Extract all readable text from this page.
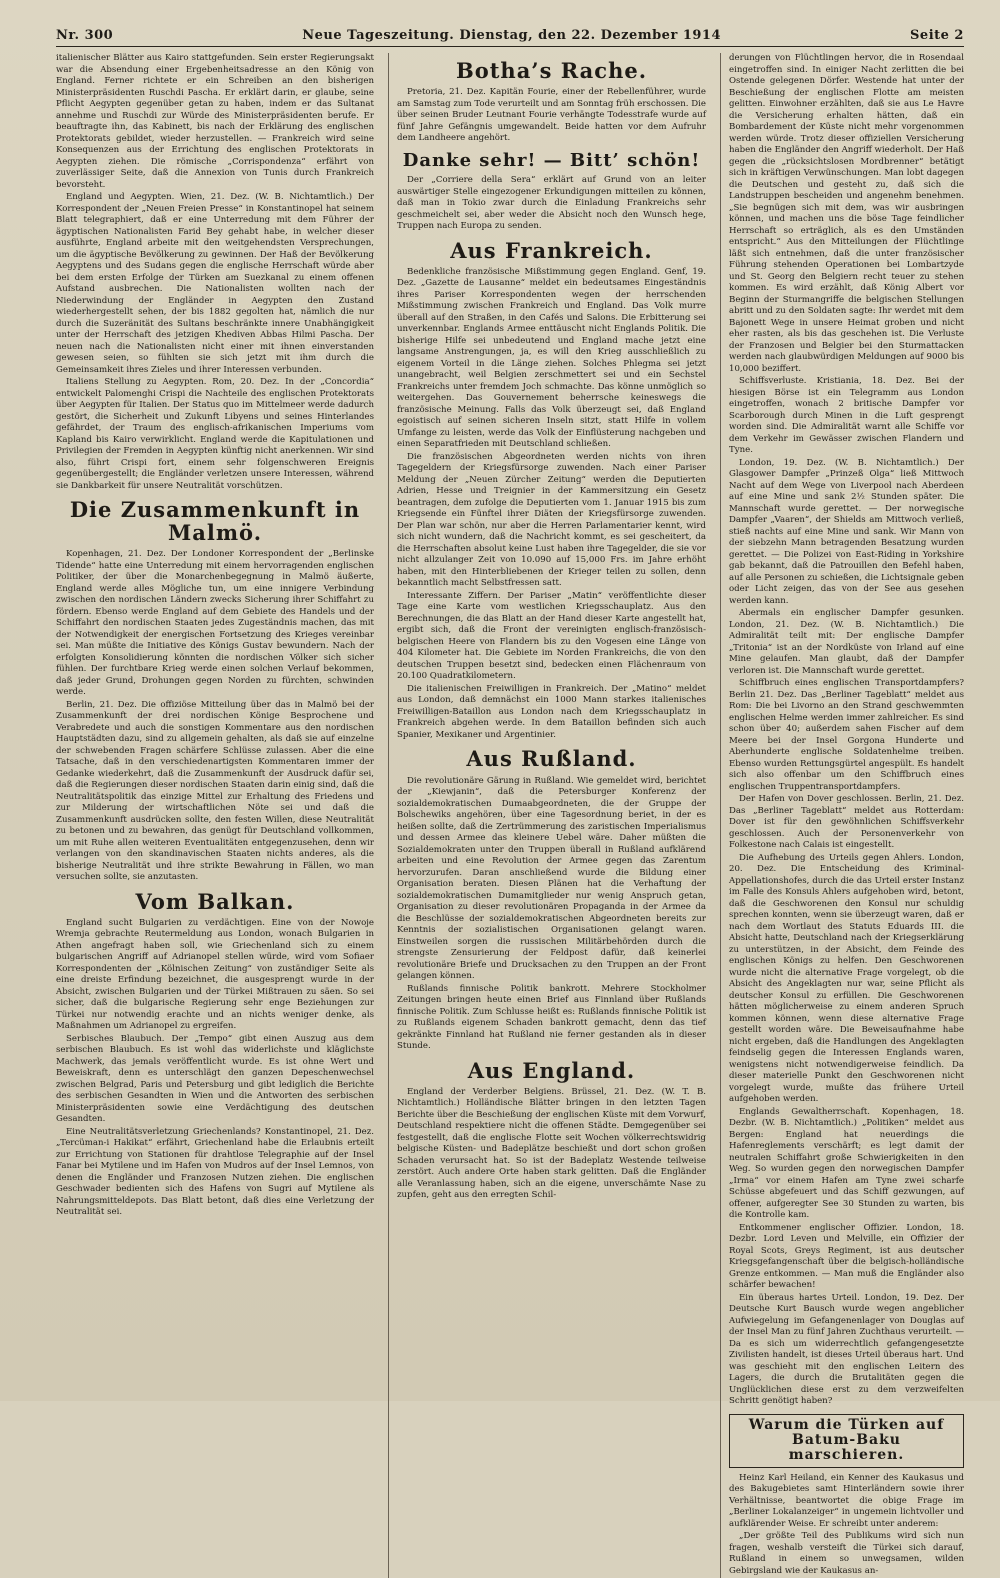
Nr. 300	Neue Tageszeitung. Dienstag, den 22. Dezember 1914	Seite 2

italienischer Blätter aus Kairo stattgefunden. Sein erster Regierungsakt war die Absendung einer Ergebenheitsadresse an den König von England. Ferner richtete er ein Schreiben an den bisherigen Ministerpräsidenten Ruschdi Pascha. Er erklärt darin, er glaube, seine Pflicht Aegypten gegenüber getan zu haben, indem er das Sultanat annehme und Ruschdi zur Würde des Ministerpräsidenten berufe. Er beauftragte ihn, das Kabinett, bis nach der Erklärung des englischen Protektorats gebildet, wieder herzustellen. — Frankreich wird seine Konsequenzen aus der Errichtung des englischen Protektorats in Aegypten ziehen. Die römische „Corrispondenza“ erfährt von zuverlässiger Seite, daß die Annexion von Tunis durch Frankreich bevorsteht.

England und Aegypten. Wien, 21. Dez. (W. B. Nichtamtlich.) Der Korrespondent der „Neuen Freien Presse“ in Konstantinopel hat seinem Blatt telegraphiert, daß er eine Unterredung mit dem Führer der ägyptischen Nationalisten Farid Bey gehabt habe, in welcher dieser ausführte, England arbeite mit den weitgehendsten Versprechungen, um die ägyptische Bevölkerung zu gewinnen. Der Haß der Bevölkerung Aegyptens und des Sudans gegen die englische Herrschaft würde aber bei dem ersten Erfolge der Türken am Suezkanal zu einem offenen Aufstand ausbrechen. Die Nationalisten wollten nach der Niederwindung der Engländer in Aegypten den Zustand wiederhergestellt sehen, der bis 1882 gegolten hat, nämlich die nur durch die Suzeränität des Sultans beschränkte innere Unabhängigkeit unter der Herrschaft des jetzigen Khediven Abbas Hilmi Pascha. Der neuen nach die Nationalisten nicht einer mit ihnen einverstanden gewesen seien, so fühlten sie sich jetzt mit ihm durch die Gemeinsamkeit ihres Zieles und ihrer Interessen verbunden.

Italiens Stellung zu Aegypten. Rom, 20. Dez. In der „Concordia“ entwickelt Palomenghi Crispi die Nachteile des englischen Protektorats über Aegypten für Italien. Der Status quo im Mittelmeer werde dadurch gestört, die Sicherheit und Zukunft Libyens und seines Hinterlandes gefährdet, der Traum des englisch-afrikanischen Imperiums vom Kapland bis Kairo verwirklicht. England werde die Kapitulationen und Privilegien der Fremden in Aegypten künftig nicht anerkennen. Wir sind also, führt Crispi fort, einem sehr folgenschweren Ereignis gegenübergestellt; die Engländer verletzen unsere Interessen, während sie Dankbarkeit für unsere Neutralität vorschützen.

Die Zusammenkunft in Malmö.

Kopenhagen, 21. Dez. Der Londoner Korrespondent der „Berlinske Tidende“ hatte eine Unterredung mit einem hervorragenden englischen Politiker, der über die Monarchenbegegnung in Malmö äußerte, England werde alles Mögliche tun, um eine innigere Verbindung zwischen den nordischen Ländern zwecks Sicherung ihrer Schiffahrt zu fördern. Ebenso werde England auf dem Gebiete des Handels und der Schiffahrt den nordischen Staaten jedes Zugeständnis machen, das mit der Notwendigkeit der energischen Fortsetzung des Krieges vereinbar sei. Man müßte die Initiative des Königs Gustav bewundern. Nach der erfolgten Konsolidierung könnten die nordischen Völker sich sicher fühlen. Der furchtbare Krieg werde einen solchen Verlauf bekommen, daß jeder Grund, Drohungen gegen Norden zu fürchten, schwinden werde.

Berlin, 21. Dez. Die offiziöse Mitteilung über das in Malmö bei der Zusammenkunft der drei nordischen Könige Besprochene und Verabredete und auch die sonstigen Kommentare aus den nordischen Hauptstädten dazu, sind zu allgemein gehalten, als daß sie auf einzelne der schwebenden Fragen schärfere Schlüsse zulassen. Aber die eine Tatsache, daß in den verschiedenartigsten Kommentaren immer der Gedanke wiederkehrt, daß die Zusammenkunft der Ausdruck dafür sei, daß die Regierungen dieser nordischen Staaten darin einig sind, daß die Neutralitätspolitik das einzige Mittel zur Erhaltung des Friedens und zur Milderung der wirtschaftlichen Nöte sei und daß die Zusammenkunft ausdrücken sollte, den festen Willen, diese Neutralität zu betonen und zu bewahren, das genügt für Deutschland vollkommen, um mit Ruhe allen weiteren Eventualitäten entgegenzusehen, denn wir verlangen von den skandinavischen Staaten nichts anderes, als die bisherige Neutralität und ihre strikte Bewahrung in Fällen, wo man versuchen sollte, sie anzutasten.

Vom Balkan.

England sucht Bulgarien zu verdächtigen. Eine von der Nowoje Wremja gebrachte Reutermeldung aus London, wonach Bulgarien in Athen angefragt haben soll, wie Griechenland sich zu einem bulgarischen Angriff auf Adrianopel stellen würde, wird vom Sofiaer Korrespondenten der „Kölnischen Zeitung“ von zuständiger Seite als eine dreiste Erfindung bezeichnet, die ausgesprengt wurde in der Absicht, zwischen Bulgarien und der Türkei Mißtrauen zu säen. So sei sicher, daß die bulgarische Regierung sehr enge Beziehungen zur Türkei nur notwendig erachte und an nichts weniger denke, als Maßnahmen um Adrianopel zu ergreifen.

Serbisches Blaubuch. Der „Tempo“ gibt einen Auszug aus dem serbischen Blaubuch. Es ist wohl das widerlichste und kläglichste Machwerk, das jemals veröffentlicht wurde. Es ist ohne Wert und Beweiskraft, denn es unterschlägt den ganzen Depeschenwechsel zwischen Belgrad, Paris und Petersburg und gibt lediglich die Berichte des serbischen Gesandten in Wien und die Antworten des serbischen Ministerpräsidenten sowie eine Verdächtigung des deutschen Gesandten.

Eine Neutralitätsverletzung Griechenlands? Konstantinopel, 21. Dez. „Tercüman-i Hakikat“ erfährt, Griechenland habe die Erlaubnis erteilt zur Errichtung von Stationen für drahtlose Telegraphie auf der Insel Fanar bei Mytilene und im Hafen von Mudros auf der Insel Lemnos, von denen die Engländer und Franzosen Nutzen ziehen. Die englischen Geschwader bedienten sich des Hafens von Sugri auf Mytilene als Nahrungsmitteldepots. Das Blatt betont, daß dies eine Verletzung der Neutralität sei.

Botha’s Rache.

Pretoria, 21. Dez. Kapitän Fourie, einer der Rebellenführer, wurde am Samstag zum Tode verurteilt und am Sonntag früh erschossen. Die über seinen Bruder Leutnant Fourie verhängte Todesstrafe wurde auf fünf Jahre Gefängnis umgewandelt. Beide hatten vor dem Aufruhr dem Landheere angehört.

Danke sehr! — Bitt’ schön!

Der „Corriere della Sera“ erklärt auf Grund von an leiter auswärtiger Stelle eingezogener Erkundigungen mitteilen zu können, daß man in Tokio zwar durch die Einladung Frankreichs sehr geschmeichelt sei, aber weder die Absicht noch den Wunsch hege, Truppen nach Europa zu senden.

Aus Frankreich.

Bedenkliche französische Mißstimmung gegen England. Genf, 19. Dez. „Gazette de Lausanne“ meldet ein bedeutsames Eingeständnis ihres Pariser Korrespondenten wegen der herrschenden Mißstimmung zwischen Frankreich und England. Das Volk murre überall auf den Straßen, in den Cafés und Salons. Die Erbitterung sei unverkennbar. Englands Armee enttäuscht nicht Englands Politik. Die bisherige Hilfe sei unbedeutend und England mache jetzt eine langsame Anstrengungen, ja, es will den Krieg ausschließlich zu eigenem Vorteil in die Länge ziehen. Solches Phlegma sei jetzt unangebracht, weil Belgien zerschmettert sei und ein Sechstel Frankreichs unter fremdem Joch schmachte. Das könne unmöglich so weitergehen. Das Gouvernement beherrsche keineswegs die französische Meinung. Falls das Volk überzeugt sei, daß England egoistisch auf seinen sicheren Inseln sitzt, statt Hilfe in vollem Umfange zu leisten, werde das Volk der Einflüsterung nachgeben und einen Separatfrieden mit Deutschland schließen.

Die französischen Abgeordneten werden nichts von ihren Tagegeldern der Kriegsfürsorge zuwenden. Nach einer Pariser Meldung der „Neuen Zürcher Zeitung“ werden die Deputierten Adrien, Hesse und Treignier in der Kammersitzung ein Gesetz beantragen, dem zufolge die Deputierten vom 1. Januar 1915 bis zum Kriegsende ein Fünftel ihrer Diäten der Kriegsfürsorge zuwenden. Der Plan war schön, nur aber die Herren Parlamentarier kennt, wird sich nicht wundern, daß die Nachricht kommt, es sei gescheitert, da die Herrschaften absolut keine Lust haben ihre Tagegelder, die sie vor nicht allzulanger Zeit von 10.090 auf 15,000 Frs. im Jahre erhöht haben, mit den Hinterbliebenen der Krieger teilen zu sollen, denn bekanntlich macht Selbstfressen satt.

Interessante Ziffern. Der Pariser „Matin“ veröffentlichte dieser Tage eine Karte vom westlichen Kriegsschauplatz. Aus den Berechnungen, die das Blatt an der Hand dieser Karte angestellt hat, ergibt sich, daß die Front der vereinigten englisch-französisch-belgischen Heere von Flandern bis zu den Vogesen eine Länge von 404 Kilometer hat. Die Gebiete im Norden Frankreichs, die von den deutschen Truppen besetzt sind, bedecken einen Flächenraum von 20.100 Quadratkilometern.

Die italienischen Freiwilligen in Frankreich. Der „Matino“ meldet aus London, daß demnächst ein 1000 Mann starkes italienisches Freiwilligen-Bataillon aus London nach dem Kriegsschauplatz in Frankreich abgehen werde. In dem Bataillon befinden sich auch Spanier, Mexikaner und Argentinier.

Aus Rußland.

Die revolutionäre Gärung in Rußland. Wie gemeldet wird, berichtet der „Kiewjanin“, daß die Petersburger Konferenz der sozialdemokratischen Dumaabgeordneten, die der Gruppe der Bolschewiks angehören, über eine Tagesordnung beriet, in der es heißen sollte, daß die Zertrümmerung des zaristischen Imperialismus und dessen Armee das kleinere Uebel wäre. Daher müßten die Sozialdemokraten unter den Truppen überall in Rußland aufklärend arbeiten und eine Revolution der Armee gegen das Zarentum hervorzurufen. Daran anschließend wurde die Bildung einer Organisation beraten. Diesen Plänen hat die Verhaftung der sozialdemokratischen Dumamitglieder nur wenig Anspruch getan, Organisation zu dieser revolutionären Propaganda in der Armee da die Beschlüsse der sozialdemokratischen Abgeordneten bereits zur Kenntnis der sozialistischen Organisationen gelangt waren. Einstweilen sorgen die russischen Militärbehörden durch die strengste Zensurierung der Feldpost dafür, daß keinerlei revolutionäre Briefe und Drucksachen zu den Truppen an der Front gelangen können.

Rußlands finnische Politik bankrott. Mehrere Stockholmer Zeitungen bringen heute einen Brief aus Finnland über Rußlands finnische Politik. Zum Schlusse heißt es: Rußlands finnische Politik ist zu Rußlands eigenem Schaden bankrott gemacht, denn das tief gekränkte Finnland hat Rußland nie ferner gestanden als in dieser Stunde.

Aus England.

England der Verderber Belgiens. Brüssel, 21. Dez. (W. T. B. Nichtamtlich.) Holländische Blätter bringen in den letzten Tagen Berichte über die Beschießung der englischen Küste mit dem Vorwurf, Deutschland respektiere nicht die offenen Städte. Demgegenüber sei festgestellt, daß die englische Flotte seit Wochen völkerrechtswidrig belgische Küsten- und Badeplätze beschießt und dort schon großen Schaden verursacht hat. So ist der Badeplatz Westende teilweise zerstört. Auch andere Orte haben stark gelitten. Daß die Engländer alle Veranlassung haben, sich an die eigene, unverschämte Nase zu zupfen, geht aus den erregten Schil-

derungen von Flüchtlingen hervor, die in Rosendaal eingetroffen sind. In einiger Nacht zerlitten die bei Ostende gelegenen Dörfer. Westende hat unter der Beschießung der englischen Flotte am meisten gelitten. Einwohner erzählten, daß sie aus Le Havre die Versicherung erhalten hätten, daß ein Bombardement der Küste nicht mehr vorgenommen werden würde. Trotz dieser offiziellen Versicherung haben die Engländer den Angriff wiederholt. Der Haß gegen die „rücksichtslosen Mordbrenner“ betätigt sich in kräftigen Verwünschungen. Man lobt dagegen die Deutschen und gesteht zu, daß sich die Landstruppen bescheiden und angenehm benehmen. „Sie begnügen sich mit dem, was wir ausbringen können, und machen uns die böse Tage feindlicher Herrschaft so erträglich, als es den Umständen entspricht.“ Aus den Mitteilungen der Flüchtlinge läßt sich entnehmen, daß die unter französischer Führung stehenden Operationen bei Lombartzyde und St. Georg den Belgiern recht teuer zu stehen kommen. Es wird erzählt, daß König Albert vor Beginn der Sturmangriffe die belgischen Stellungen abritt und zu den Soldaten sagte: Ihr werdet mit dem Bajonett Wege in unsere Heimat groben und nicht eher rasten, als bis das geschehen ist. Die Verluste der Franzosen und Belgier bei den Sturmattacken werden nach glaubwürdigen Meldungen auf 9000 bis 10,000 beziffert.

Schiffsverluste. Kristiania, 18. Dez. Bei der hiesigen Börse ist ein Telegramm aus London eingetroffen, wonach 2 britische Dampfer vor Scarborough durch Minen in die Luft gesprengt worden sind. Die Admiralität warnt alle Schiffe vor dem Verkehr im Gewässer zwischen Flandern und Tyne.

London, 19. Dez. (W. B. Nichtamtlich.) Der Glasgower Dampfer „Prinzeß Olga“ ließ Mittwoch Nacht auf dem Wege von Liverpool nach Aberdeen auf eine Mine und sank 2½ Stunden später. Die Mannschaft wurde gerettet. — Der norwegische Dampfer „Vaaren“, der Shields am Mittwoch verließ, stieß nachts auf eine Mine und sank. Wir Mann von der siebzehn Mann betragenden Besatzung wurden gerettet. — Die Polizei von East-Riding in Yorkshire gab bekannt, daß die Patrouillen den Befehl haben, auf alle Personen zu schießen, die Lichtsignale geben oder Licht zeigen, das von der See aus gesehen werden kann.

Abermals ein englischer Dampfer gesunken. London, 21. Dez. (W. B. Nichtamtlich.) Die Admiralität teilt mit: Der englische Dampfer „Tritonia“ ist an der Nordküste von Irland auf eine Mine gelaufen. Man glaubt, daß der Dampfer verloren ist. Die Mannschaft wurde gerettet.

Schiffbruch eines englischen Transportdampfers? Berlin 21. Dez. Das „Berliner Tageblatt“ meldet aus Rom: Die bei Livorno an den Strand geschwemmten englischen Helme werden immer zahlreicher. Es sind schon über 40; außerdem sahen Fischer auf dem Meere bei der Insel Gorgona Hunderte und Aberhunderte englische Soldatenhelme treiben. Ebenso wurden Rettungsgürtel angespült. Es handelt sich also offenbar um den Schiffbruch eines englischen Truppentransportdampfers.

Der Hafen von Dover geschlossen. Berlin, 21. Dez. Das „Berliner Tageblatt“ meldet aus Rotterdam: Dover ist für den gewöhnlichen Schiffsverkehr geschlossen. Auch der Personenverkehr von Folkestone nach Calais ist eingestellt.

Die Aufhebung des Urteils gegen Ahlers. London, 20. Dez. Die Entscheidung des Kriminal-Appellationshofes, durch die das Urteil erster Instanz im Falle des Konsuls Ahlers aufgehoben wird, betont, daß die Geschworenen den Konsul nur schuldig sprechen konnten, wenn sie überzeugt waren, daß er nach dem Wortlaut des Statuts Eduards III. die Absicht hatte, Deutschland nach der Kriegserklärung zu unterstützen, in der Absicht, dem Feinde des englischen Königs zu helfen. Den Geschworenen wurde nicht die alternative Frage vorgelegt, ob die Absicht des Angeklagten nur war, seine Pflicht als deutscher Konsul zu erfüllen. Die Geschworenen hätten möglicherweise zu einem anderen Spruch kommen können, wenn diese alternative Frage gestellt worden wäre. Die Beweisaufnahme habe nicht ergeben, daß die Handlungen des Angeklagten feindselig gegen die Interessen Englands waren, wenigstens nicht notwendigerweise feindlich. Da dieser materielle Punkt den Geschworenen nicht vorgelegt wurde, mußte das frühere Urteil aufgehoben werden.

Englands Gewaltherrschaft. Kopenhagen, 18. Dezbr. (W. B. Nichtamtlich.) „Politiken“ meldet aus Bergen: England hat neuerdings die Hafenreglements verschärft; es legt damit der neutralen Schiffahrt große Schwierigkeiten in den Weg. So wurden gegen den norwegischen Dampfer „Irma“ vor einem Hafen am Tyne zwei scharfe Schüsse abgefeuert und das Schiff gezwungen, auf offener, aufgeregter See 30 Stunden zu warten, bis die Kontrolle kam.

Entkommener englischer Offizier. London, 18. Dezbr. Lord Leven und Melville, ein Offizier der Royal Scots, Greys Regiment, ist aus deutscher Kriegsgefangenschaft über die belgisch-holländische Grenze entkommen. — Man muß die Engländer also schärfer bewachen!

Ein überaus hartes Urteil. London, 19. Dez. Der Deutsche Kurt Bausch wurde wegen angeblicher Aufwiegelung im Gefangenenlager von Douglas auf der Insel Man zu fünf Jahren Zuchthaus verurteilt. — Da es sich um widerrechtlich gefangengesetzte Zivilisten handelt, ist dieses Urteil überaus hart. Und was geschieht mit den englischen Leitern des Lagers, die durch die Brutalitäten gegen die Unglücklichen diese erst zu dem verzweifelten Schritt genötigt haben?

Warum die Türken auf Batum-Baku marschieren.

Heinz Karl Heiland, ein Kenner des Kaukasus und des Bakugebietes samt Hinterländern sowie ihrer Verhältnisse, beantwortet die obige Frage im „Berliner Lokalanzeiger“ in ungemein lichtvoller und aufklärender Weise. Er schreibt unter anderem:

„Der größte Teil des Publikums wird sich nun fragen, weshalb versteift die Türkei sich darauf, Rußland in einem so unwegsamen, wilden Gebirgsland wie der Kaukasus an-
